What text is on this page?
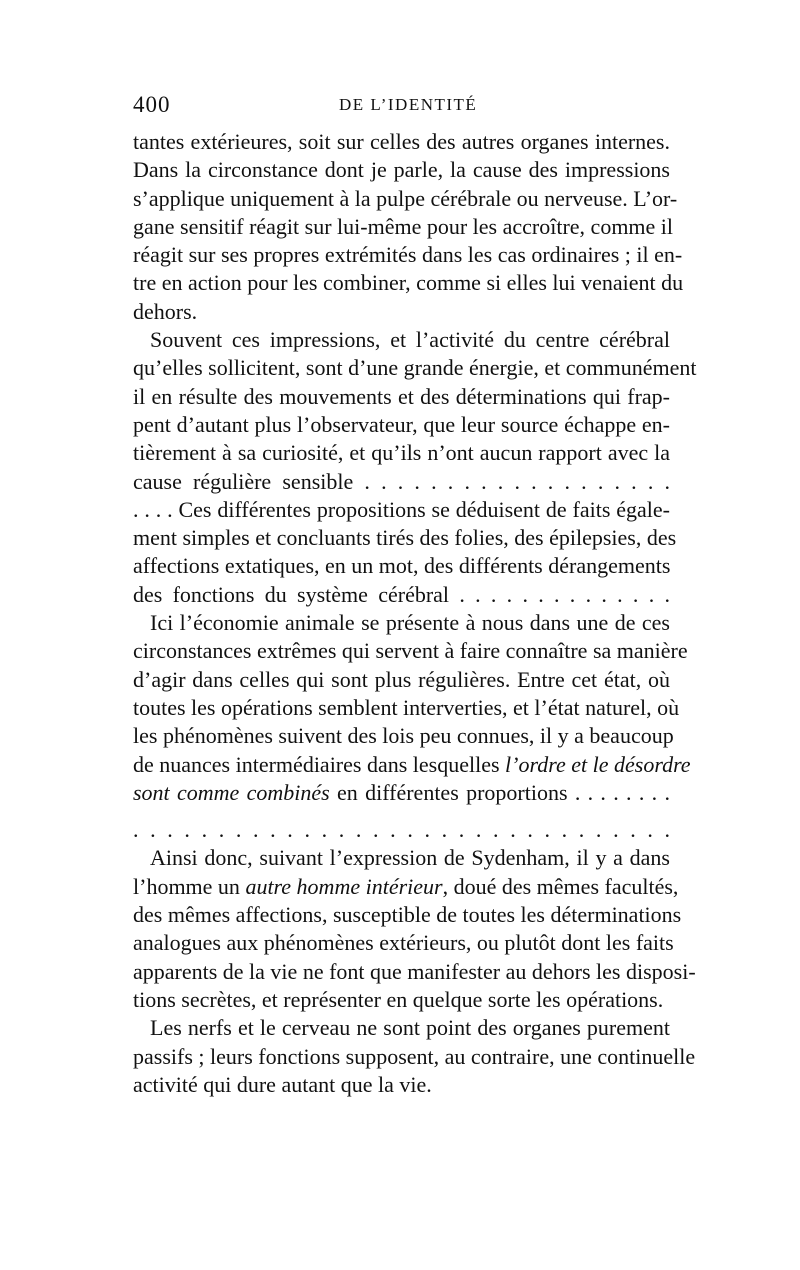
400	DE L’IDENTITÉ
tantes extérieures, soit sur celles des autres organes internes.
Dans la circonstance dont je parle, la cause des impressions
s’applique uniquement à la pulpe cérébrale ou nerveuse. L’or-
gane sensitif réagit sur lui-même pour les accroître, comme il
réagit sur ses propres extrémités dans les cas ordinaires ; il en-
tre en action pour les combiner, comme si elles lui venaient du
dehors.
Souvent ces impressions, et l’activité du centre cérébral
qu’elles sollicitent, sont d’une grande énergie, et communément
il en résulte des mouvements et des déterminations qui frap-
pent d’autant plus l’observateur, que leur source échappe en-
tièrement à sa curiosité, et qu’ils n’ont aucun rapport avec la
cause régulière sensible . . . . . . . . . . . . . . . . . . .
. . . . Ces différentes propositions se déduisent de faits égale-
ment simples et concluants tirés des folies, des épilepsies, des
affections extatiques, en un mot, des différents dérangements
des fonctions du système cérébral . . . . . . . . . . . . . .
Ici l’économie animale se présente à nous dans une de ces
circonstances extrêmes qui servent à faire connaître sa manière
d’agir dans celles qui sont plus régulières. Entre cet état, où
toutes les opérations semblent interverties, et l’état naturel, où
les phénomènes suivent des lois peu connues, il y a beaucoup
de nuances intermédiaires dans lesquelles l’ordre et le désordre
sont comme combinés en différentes proportions . . . . . . . .
. . . . . . . . . . . . . . . . . . . . . . . . . . . . . . . .
Ainsi donc, suivant l’expression de Sydenham, il y a dans
l’homme un autre homme intérieur, doué des mêmes facultés,
des mêmes affections, susceptible de toutes les déterminations
analogues aux phénomènes extérieurs, ou plutôt dont les faits
apparents de la vie ne font que manifester au dehors les disposi-
tions secrètes, et représenter en quelque sorte les opérations.
Les nerfs et le cerveau ne sont point des organes purement
passifs ; leurs fonctions supposent, au contraire, une continuelle
activité qui dure autant que la vie.
